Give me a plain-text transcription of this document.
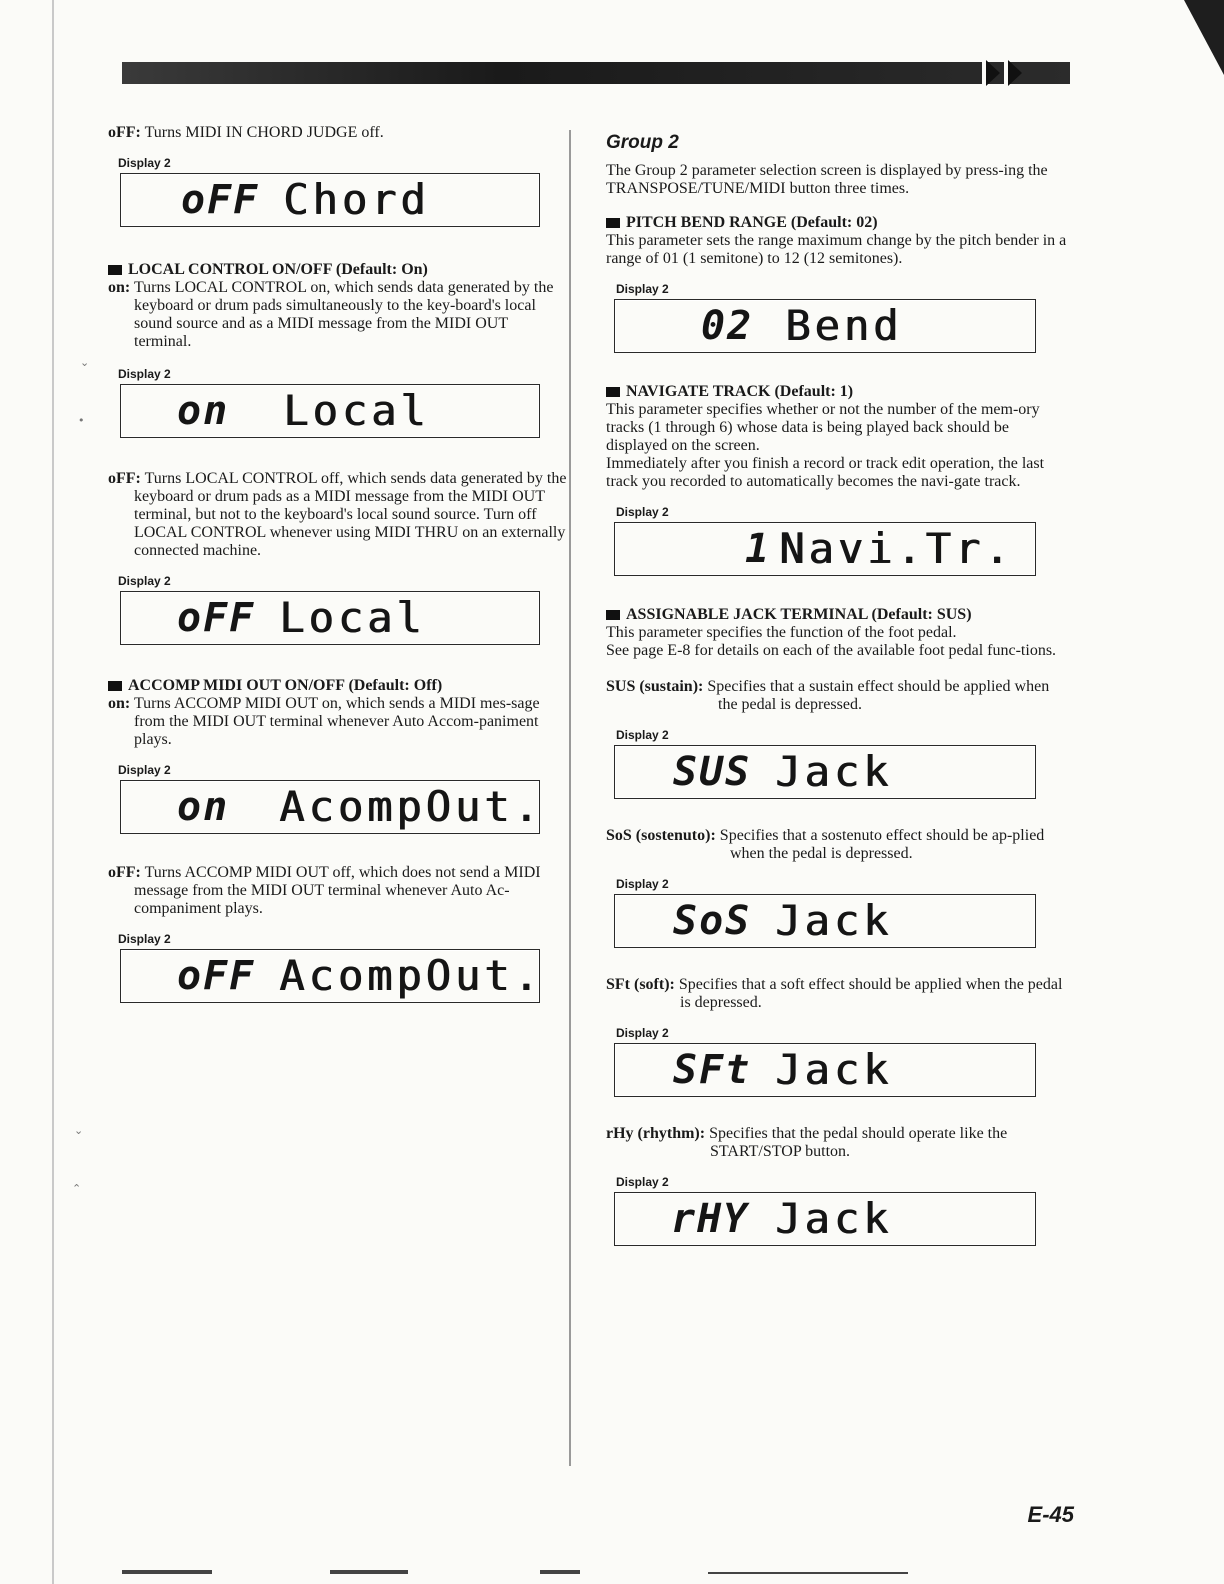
⌄
•
⌄
⌃

oFF: Turns MIDI IN CHORD JUDGE off.

Display 2
oFF Chord
LOCAL CONTROL ON/OFF (Default: On)

on: Turns LOCAL CONTROL on, which sends data generated by the keyboard or drum pads simultaneously to the key-board's local sound source and as a MIDI message from the MIDI OUT terminal.

Display 2
on Local

oFF: Turns LOCAL CONTROL off, which sends data generated by the keyboard or drum pads as a MIDI message from the MIDI OUT terminal, but not to the keyboard's local sound source. Turn off LOCAL CONTROL whenever using MIDI THRU on an externally connected machine.

Display 2
oFF Local
ACCOMP MIDI OUT ON/OFF (Default: Off)

on: Turns ACCOMP MIDI OUT on, which sends a MIDI mes-sage from the MIDI OUT terminal whenever Auto Accom-paniment plays.

Display 2
on AcompOut.

oFF: Turns ACCOMP MIDI OUT off, which does not send a MIDI message from the MIDI OUT terminal whenever Auto Ac-companiment plays.

Display 2
oFF AcompOut.
Group 2

The Group 2 parameter selection screen is displayed by press-ing the TRANSPOSE/TUNE/MIDI button three times.

PITCH BEND RANGE (Default: 02)

This parameter sets the range maximum change by the pitch bender in a range of 01 (1 semitone) to 12 (12 semitones).

Display 2
02 Bend
NAVIGATE TRACK (Default: 1)

This parameter specifies whether or not the number of the mem-ory tracks (1 through 6) whose data is being played back should be displayed on the screen.

Immediately after you finish a record or track edit operation, the last track you recorded to automatically becomes the navi-gate track.

Display 2
1 Navi.Tr.
ASSIGNABLE JACK TERMINAL (Default: SUS)

This parameter specifies the function of the foot pedal.

See page E-8 for details on each of the available foot pedal func-tions.

SUS (sustain): Specifies that a sustain effect should be applied when the pedal is depressed.

Display 2
SUS Jack

SoS (sostenuto): Specifies that a sostenuto effect should be ap-plied when the pedal is depressed.

Display 2
SoS Jack

SFt (soft): Specifies that a soft effect should be applied when the pedal is depressed.

Display 2
SFt Jack

rHy (rhythm): Specifies that the pedal should operate like the START/STOP button.

Display 2
rHY Jack
E-45
